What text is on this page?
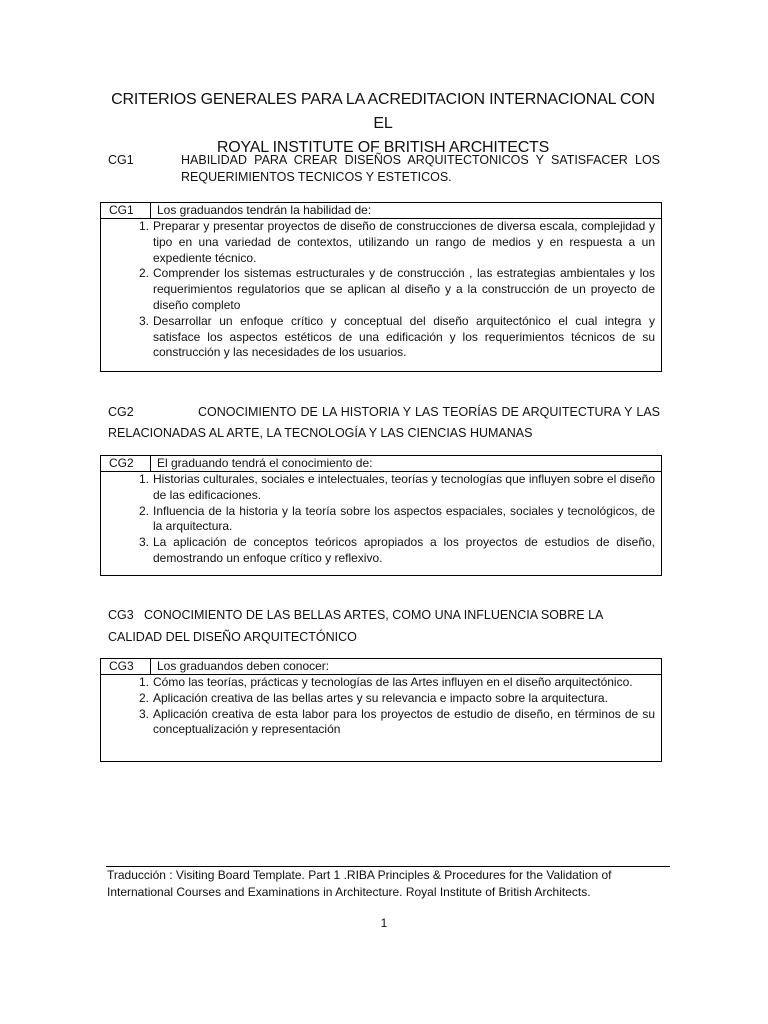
CRITERIOS GENERALES PARA LA ACREDITACION INTERNACIONAL CON EL
ROYAL INSTITUTE OF BRITISH ARCHITECTS
CG1	HABILIDAD PARA CREAR DISEÑOS ARQUITECTONICOS Y SATISFACER LOS REQUERIMIENTOS TECNICOS Y ESTETICOS.
CG1	Los graduandos tendrán la habilidad de:
1. Preparar y presentar proyectos de diseño de construcciones de diversa escala, complejidad y tipo en una variedad de contextos, utilizando un rango de medios y en respuesta a un expediente técnico.
2. Comprender los sistemas estructurales y de construcción , las estrategias ambientales y los requerimientos regulatorios que se aplican al diseño y a la construcción de un proyecto de diseño completo
3. Desarrollar un enfoque crítico y conceptual del diseño arquitectónico el cual integra y satisface los aspectos estéticos de una edificación y los requerimientos técnicos de su construcción y las necesidades de los usuarios.
CG2	CONOCIMIENTO DE LA HISTORIA Y LAS TEORÍAS DE ARQUITECTURA Y LAS RELACIONADAS AL ARTE, LA TECNOLOGÍA Y LAS CIENCIAS HUMANAS
CG2	El graduando tendrá el conocimiento de:
1. Historias culturales, sociales e intelectuales, teorías y tecnologías que influyen sobre el diseño de las edificaciones.
2. Influencia de la historia y la teoría sobre los aspectos espaciales, sociales y tecnológicos, de la arquitectura.
3. La aplicación de conceptos teóricos apropiados a los proyectos de estudios de diseño, demostrando un enfoque crítico y reflexivo.
CG3 CONOCIMIENTO DE LAS BELLAS ARTES, COMO UNA INFLUENCIA SOBRE LA CALIDAD DEL DISEÑO ARQUITECTÓNICO
CG3	Los graduandos deben conocer:
1. Cómo las teorías, prácticas y tecnologías de las Artes influyen en el diseño arquitectónico.
2. Aplicación creativa de las bellas artes y su relevancia e impacto sobre la arquitectura.
3. Aplicación creativa de esta labor para los proyectos de estudio de diseño, en términos de su conceptualización y representación
Traducción : Visiting Board Template. Part 1 .RIBA Principles & Procedures for the Validation of International Courses and Examinations in Architecture. Royal Institute of British Architects.
1
